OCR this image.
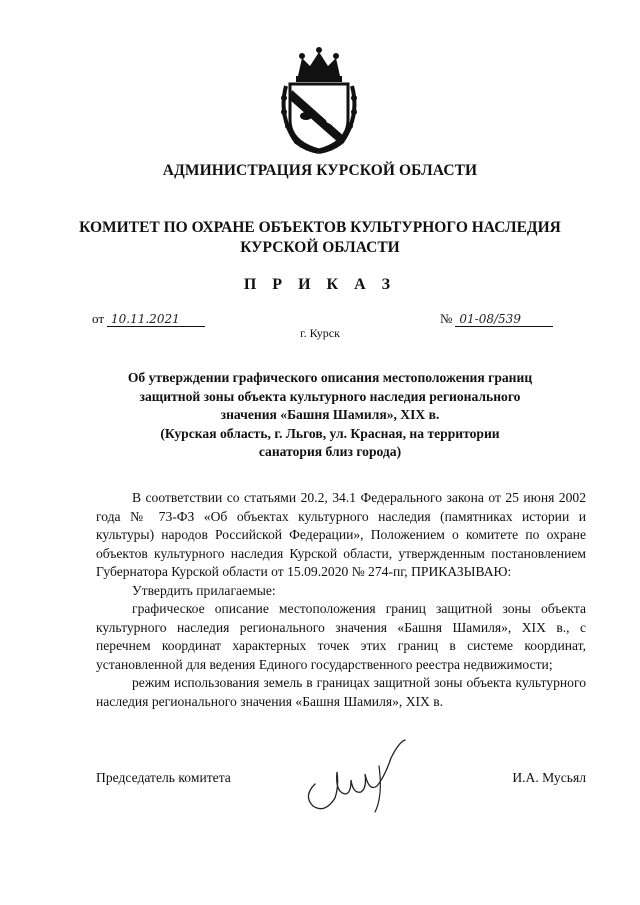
АДМИНИСТРАЦИЯ КУРСКОЙ ОБЛАСТИ
КОМИТЕТ ПО ОХРАНЕ ОБЪЕКТОВ КУЛЬТУРНОГО НАСЛЕДИЯ
КУРСКОЙ ОБЛАСТИ
П Р И К А З
от 10.11.2021	№ 01-08/539
г. Курск
Об утверждении графического описания местоположения границ
защитной зоны объекта культурного наследия регионального
значения «Башня Шамиля», XIX в.
(Курская область, г. Льгов, ул. Красная, на территории
санатория близ города)

В соответствии со статьями 20.2, 34.1 Федерального закона от 25 июня 2002 года № 73-ФЗ «Об объектах культурного наследия (памятниках истории и культуры) народов Российской Федерации», Положением о комитете по охране объектов культурного наследия Курской области, утвержденным постановлением Губернатора Курской области от 15.09.2020 № 274-пг, ПРИКАЗЫВАЮ:

Утвердить прилагаемые:

графическое описание местоположения границ защитной зоны объекта культурного наследия регионального значения «Башня Шамиля», XIX в., с перечнем координат характерных точек этих границ в системе координат, установленной для ведения Единого государственного реестра недвижимости;

режим использования земель в границах защитной зоны объекта культурного наследия регионального значения «Башня Шамиля», XIX в.

Председатель комитета	И.А. Мусьял
